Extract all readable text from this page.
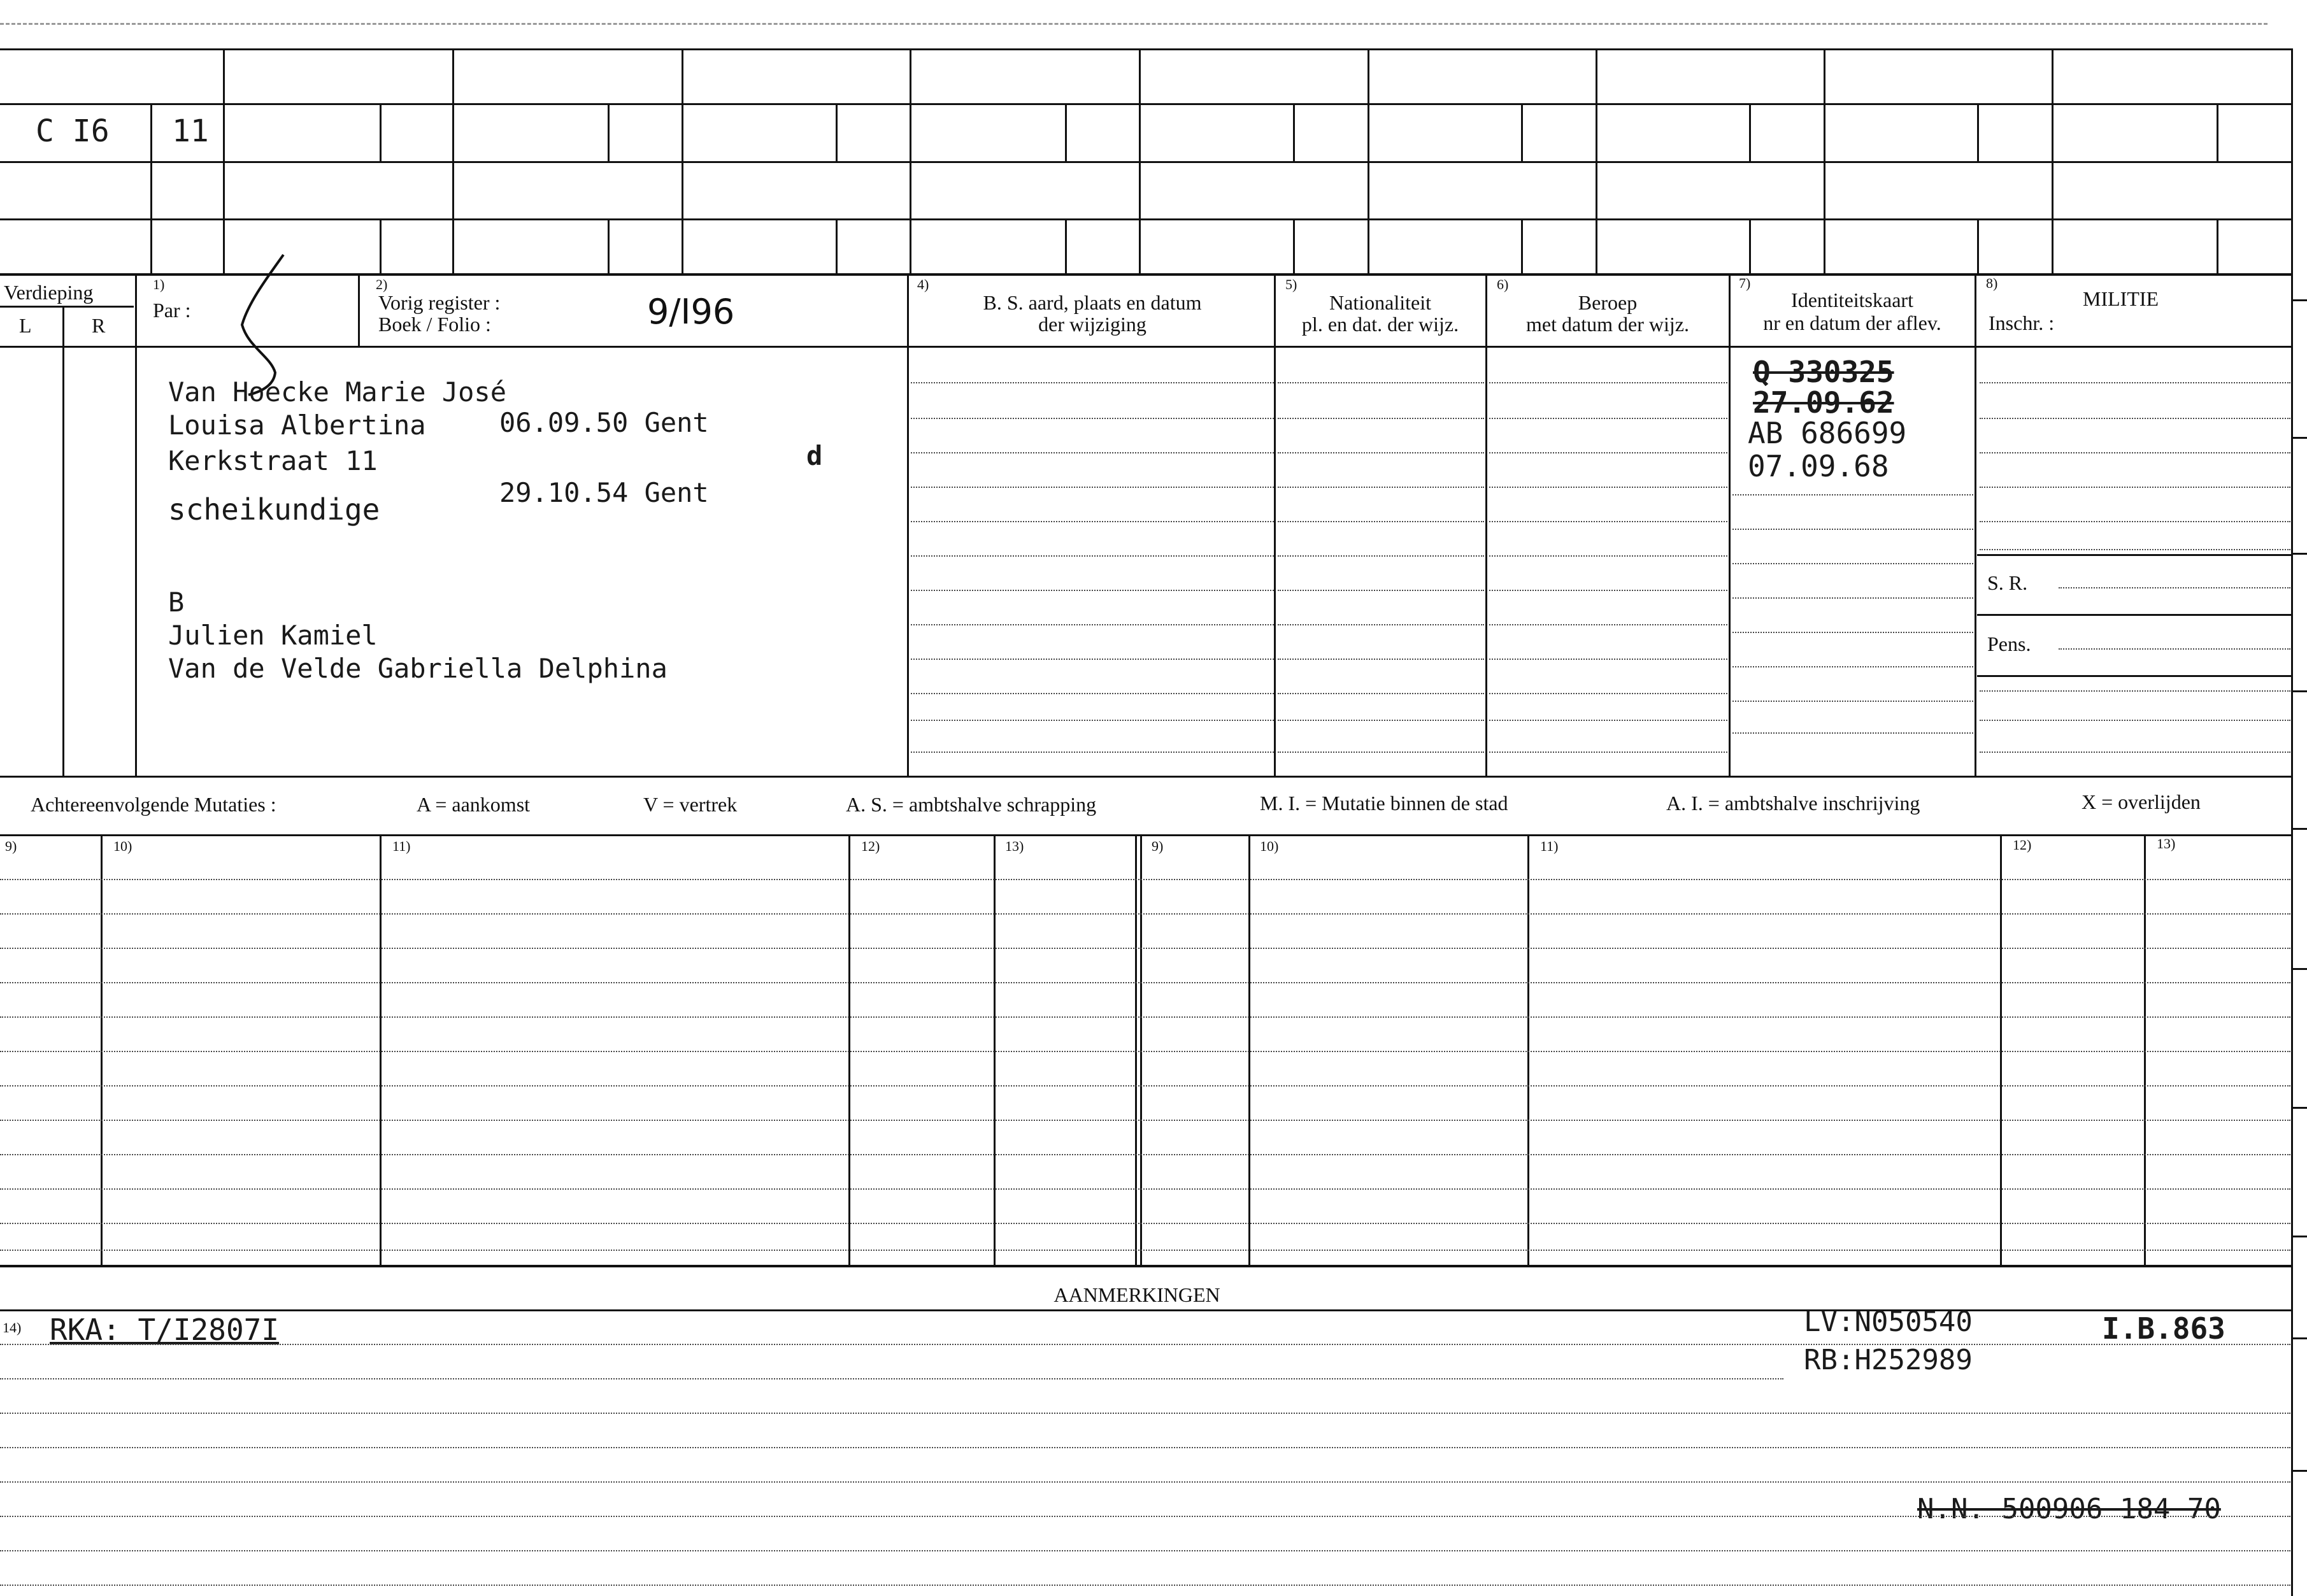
C I6 11
Verdieping
L	R
1)
Par :
2)
Vorig register :
Boek / Folio :	9/I96
4)
B. S. aard, plaats en datum
der wijziging
5)
Nationaliteit
pl. en dat. der wijz.
6)
Beroep
met datum der wijz.
7)
Identiteitskaart
nr en datum der aflev.
8)
MILITIE
Inschr. :
S. R.
Pens.
Van Hoecke Marie José
Louisa Albertina	06.09.50 Gent
Kerkstraat 11	d
scheikundige	29.10.54 Gent
B
Julien Kamiel
Van de Velde Gabriella Delphina
Q 330325
27.09.62
AB 686699
07.09.68
Achtereenvolgende Mutaties :	A = aankomst	V = vertrek	A. S. = ambtshalve schrapping	M. I. = Mutatie binnen de stad	A. I. = ambtshalve inschrijving	X = overlijden
9)	10)	11)	12)	13)	9)	10)	11)	12)	13)
AANMERKINGEN
14) RKA: T/I2807I	LV:N050540
RB:H252989
I.B.863
N.N. 500906 184 70
